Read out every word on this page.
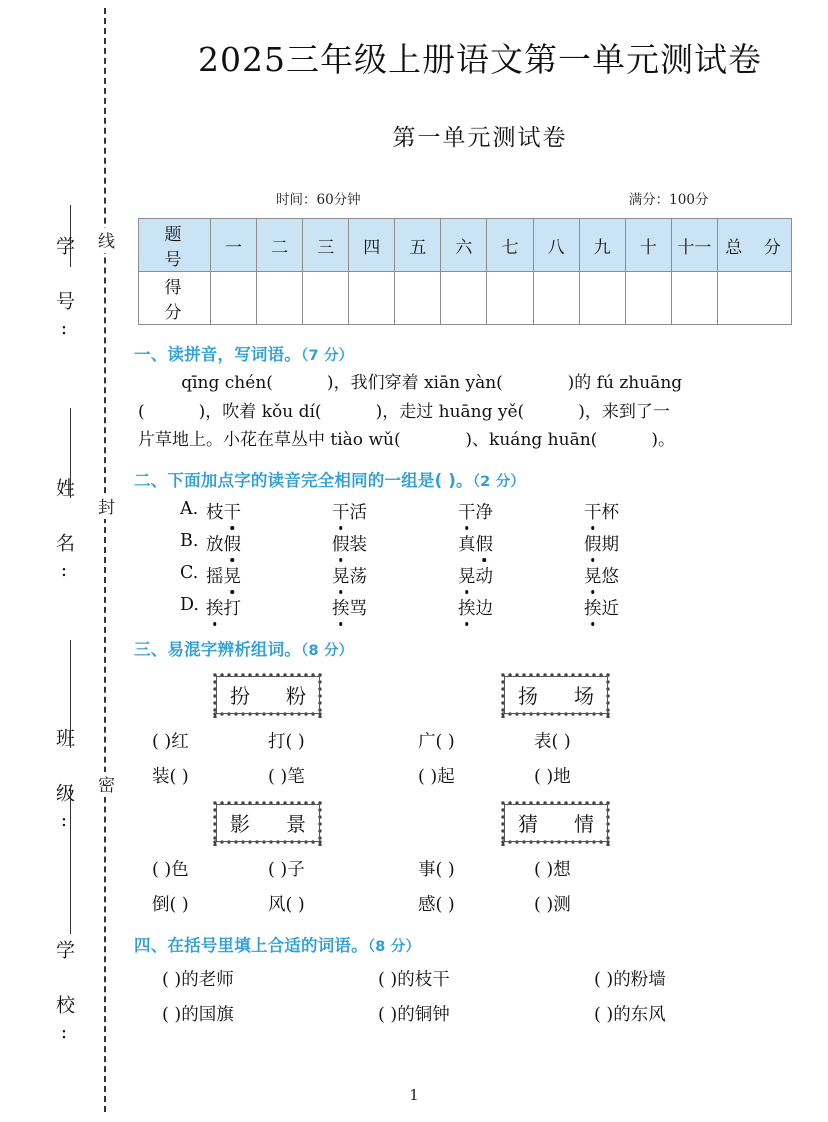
线
封
密
学 号:
姓 名:
班 级:
学 校:
2025三年级上册语文第一单元测试卷
第一单元测试卷
时间：60分钟	满分：100分
题 号	一	二	三	四	五	六	七	八	九	十	十一	总 分
得 分												
一、读拼音，写词语。（7 分）
qīng chén(          )，我们穿着 xiān yàn(            )的 fú zhuāng
(          )，吹着 kǒu dí(          )，走过 huāng yě(          )，来到了一
片草地上。小花在草丛中 tiào wǔ(            )、kuáng huān(          )。
二、下面加点字的读音完全相同的一组是( )。（2 分）
A. 枝干	干活	干净	干杯
B. 放假	假装	真假	假期
C. 摇晃	晃荡	晃动	晃悠
D. 挨打	挨骂	挨边	挨近
三、易混字辨析组词。（8 分）
扮 粉	扬 场
( )红	打( )	广( )	表( )
装( )	( )笔	( )起	( )地
影 景	猜 情
( )色	( )子	事( )	( )想
倒( )	风( )	感( )	( )测
四、在括号里填上合适的词语。（8 分）
( )的老师	( )的枝干	( )的粉墙
( )的国旗	( )的铜钟	( )的东风
1
